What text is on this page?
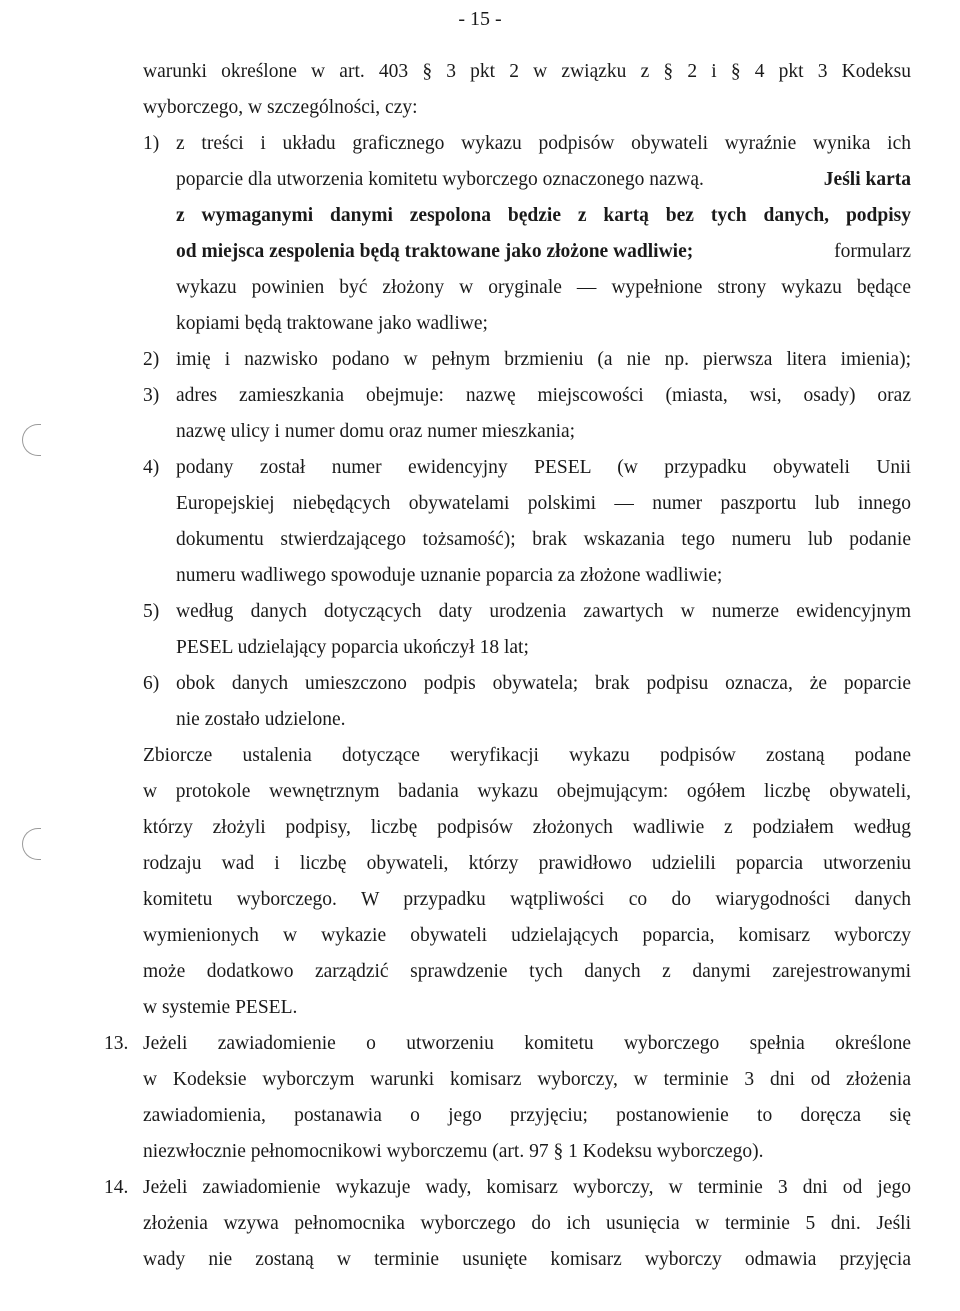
- 15 -
warunki określone w art. 403 § 3 pkt 2 w związku z § 2 i § 4 pkt 3 Kodeksu
wyborczego, w szczególności, czy:
1) z treści i układu graficznego wykazu podpisów obywateli wyraźnie wynika ich
poparcie dla utworzenia komitetu wyborczego oznaczonego nazwą.	Jeśli karta
z wymaganymi danymi zespolona będzie z kartą bez tych danych, podpisy
od miejsca zespolenia będą traktowane jako złożone wadliwie;	formularz
wykazu powinien być złożony w oryginale — wypełnione strony wykazu będące
kopiami będą traktowane jako wadliwe;
2) imię i nazwisko podano w pełnym brzmieniu (a nie np. pierwsza litera imienia);
3) adres zamieszkania obejmuje: nazwę miejscowości (miasta, wsi, osady) oraz
nazwę ulicy i numer domu oraz numer mieszkania;
4) podany został numer ewidencyjny PESEL (w przypadku obywateli Unii
Europejskiej niebędących obywatelami polskimi — numer paszportu lub innego
dokumentu stwierdzającego tożsamość); brak wskazania tego numeru lub podanie
numeru wadliwego spowoduje uznanie poparcia za złożone wadliwie;
5) według danych dotyczących daty urodzenia zawartych w numerze ewidencyjnym
PESEL udzielający poparcia ukończył 18 lat;
6) obok danych umieszczono podpis obywatela; brak podpisu oznacza, że poparcie
nie zostało udzielone.
Zbiorcze ustalenia dotyczące weryfikacji wykazu podpisów zostaną podane
w protokole wewnętrznym badania wykazu obejmującym: ogółem liczbę obywateli,
którzy złożyli podpisy, liczbę podpisów złożonych wadliwie z podziałem według
rodzaju wad i liczbę obywateli, którzy prawidłowo udzielili poparcia utworzeniu
komitetu wyborczego. W przypadku wątpliwości co do wiarygodności danych
wymienionych w wykazie obywateli udzielających poparcia, komisarz wyborczy
może dodatkowo zarządzić sprawdzenie tych danych z danymi zarejestrowanymi
w systemie PESEL.
13. Jeżeli zawiadomienie o utworzeniu komitetu wyborczego spełnia określone
w Kodeksie wyborczym warunki komisarz wyborczy, w terminie 3 dni od złożenia
zawiadomienia, postanawia o jego przyjęciu; postanowienie to doręcza się
niezwłocznie pełnomocnikowi wyborczemu (art. 97 § 1 Kodeksu wyborczego).
14. Jeżeli zawiadomienie wykazuje wady, komisarz wyborczy, w terminie 3 dni od jego
złożenia wzywa pełnomocnika wyborczego do ich usunięcia w terminie 5 dni. Jeśli
wady nie zostaną w terminie usunięte komisarz wyborczy odmawia przyjęcia
